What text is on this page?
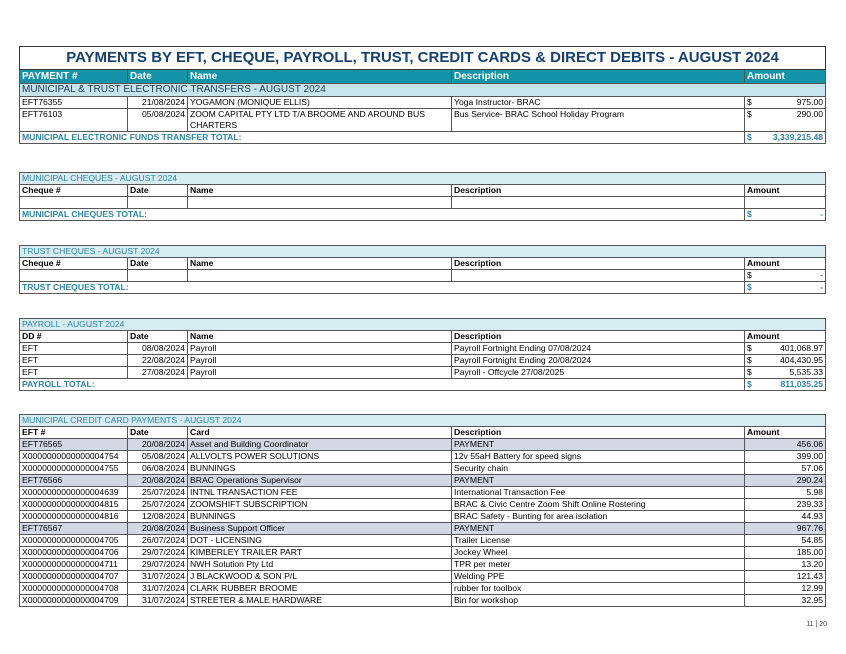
PAYMENTS BY EFT, CHEQUE, PAYROLL, TRUST, CREDIT CARDS & DIRECT DEBITS - AUGUST 2024				
PAYMENT #	Date	Name	Description	Amount
MUNICIPAL & TRUST ELECTRONIC TRANSFERS - AUGUST 2024				
EFT76355	21/08/2024	YOGAMON (MONIQUE ELLIS)	Yoga Instructor- BRAC	$ 975.00

EFT76103	05/08/2024	ZOOM CAPITAL PTY LTD T/A BROOME AND AROUND BUS CHARTERS	Bus Service- BRAC School Holiday Program	$ 290.00

MUNICIPAL ELECTRONIC FUNDS TRANSFER TOTAL:				$ 3,339,215.48
MUNICIPAL CHEQUES - AUGUST 2024				
Cheque #	Date	Name	Description	Amount

MUNICIPAL CHEQUES TOTAL:				$ -
TRUST CHEQUES - AUGUST 2024				
Cheque #	Date	Name	Description	Amount

				$ -

TRUST CHEQUES TOTAL:				$ -
PAYROLL - AUGUST 2024				
DD #	Date	Name	Description	Amount
EFT	08/08/2024	Payroll	Payroll Fortnight Ending 07/08/2024	$ 401,068.97

EFT	22/08/2024	Payroll	Payroll Fortnight Ending 20/08/2024	$ 404,430.95

EFT	27/08/2024	Payroll	Payroll - Offcycle 27/08/2025	$ 5,535.33

PAYROLL TOTAL:				$ 811,035.25
MUNICIPAL CREDIT CARD PAYMENTS - AUGUST 2024				
EFT #	Date	Card	Description	Amount
EFT76565	20/08/2024	Asset and Building Coordinator	PAYMENT	456.06
X0000000000000004754	05/08/2024	ALLVOLTS POWER SOLUTIONS	12v 55aH Battery for speed signs	399.00
X0000000000000004755	06/08/2024	BUNNINGS	Security chain	57.06
EFT76566	20/08/2024	BRAC Operations Supervisor	PAYMENT	290.24
X0000000000000004639	25/07/2024	INTNL TRANSACTION FEE	International Transaction Fee	5.98
X0000000000000004815	25/07/2024	ZOOMSHIFT SUBSCRIPTION	BRAC & Civic Centre Zoom Shift Online Rostering	239.33
X0000000000000004816	12/08/2024	BUNNINGS	BRAC Safety - Bunting for area isolation	44.93
EFT76567	20/08/2024	Business Support Officer	PAYMENT	967.76
X0000000000000004705	26/07/2024	DOT - LICENSING	Trailer License	54.85
X0000000000000004706	29/07/2024	KIMBERLEY TRAILER PART	Jockey Wheel	185.00
X0000000000000004711	29/07/2024	NWH Solution Pty Ltd	TPR per meter	13.20
X0000000000000004707	31/07/2024	J BLACKWOOD & SON P/L	Welding PPE	121.43
X0000000000000004708	31/07/2024	CLARK RUBBER BROOME	rubber for toolbox	12.99
X0000000000000004709	31/07/2024	STREETER & MALE HARDWARE	Bin for workshop	32.95
11 | 20
